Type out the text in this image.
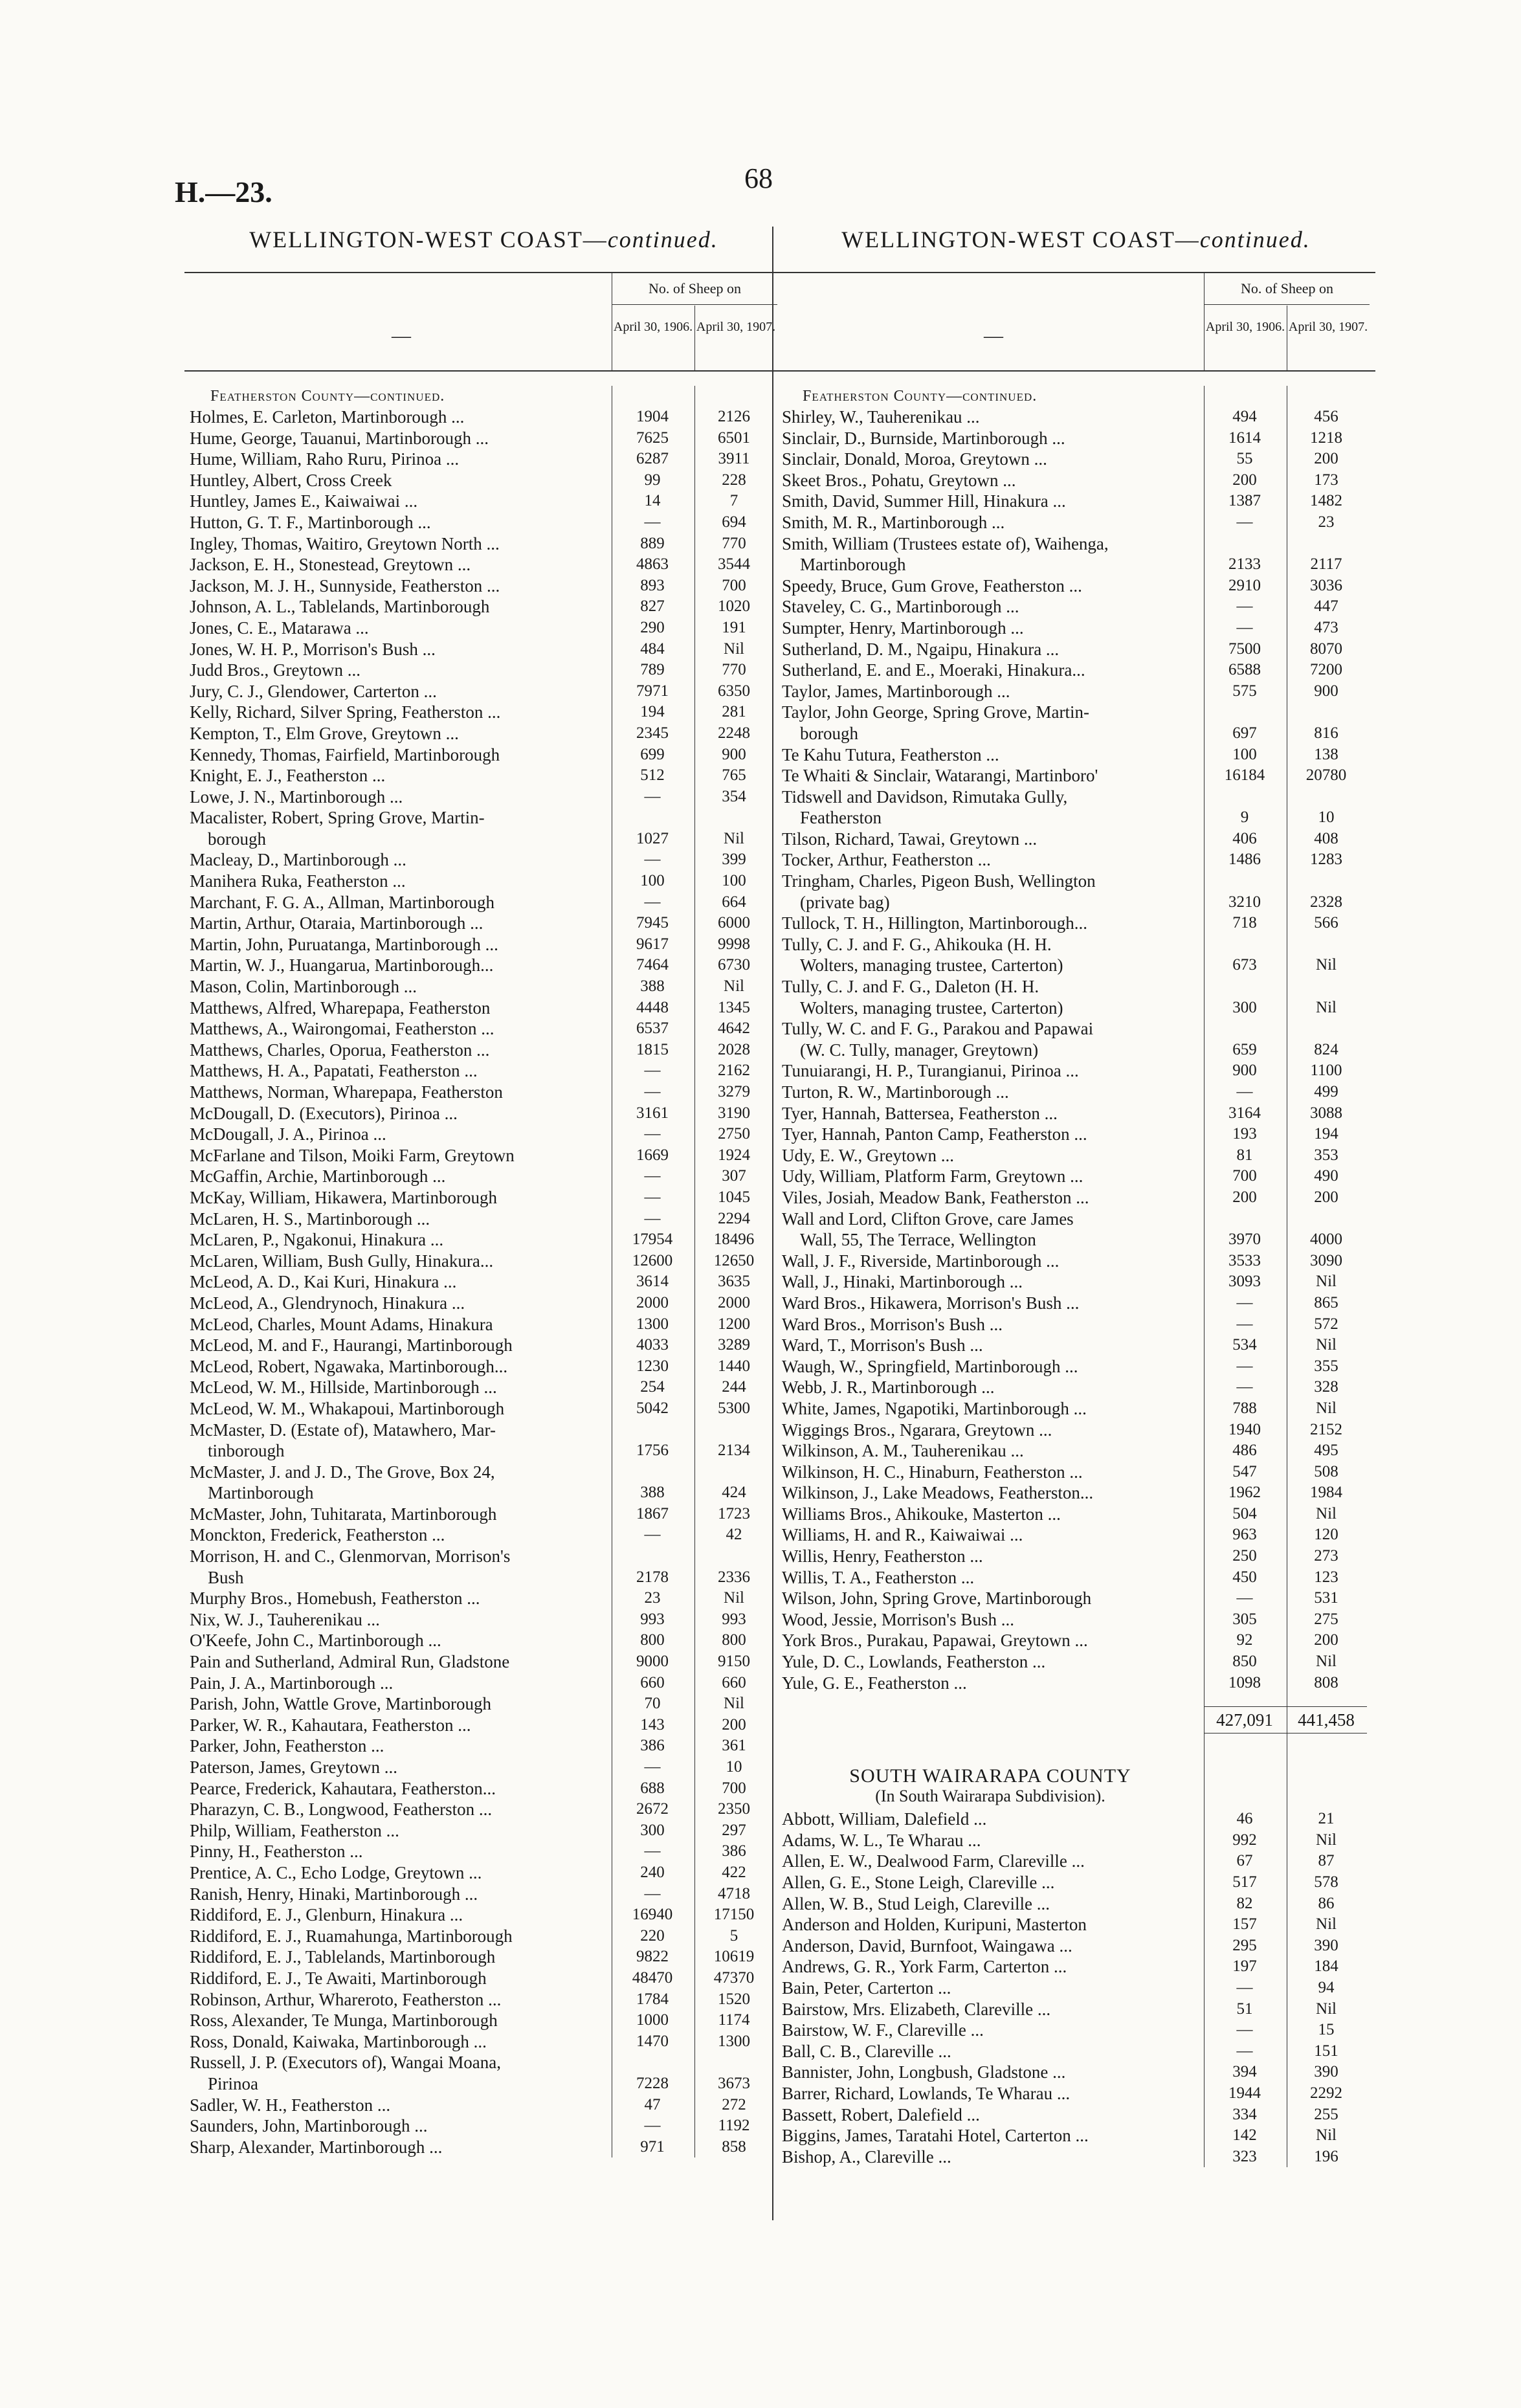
H.—23.	68
WELLINGTON-WEST COAST—continued.
—
No. of Sheep on
April 30, 1906. April 30, 1907.
Featherston County—continued.
Holmes, E. Carleton, Martinborough ...	1904	2126
Hume, George, Tauanui, Martinborough ...	7625	6501
Hume, William, Raho Ruru, Pirinoa ...	6287	3911
Huntley, Albert, Cross Creek	99	228
Huntley, James E., Kaiwaiwai ...	14	7
Hutton, G. T. F., Martinborough ...	—	694
Ingley, Thomas, Waitiro, Greytown North ...	889	770
Jackson, E. H., Stonestead, Greytown ...	4863	3544
Jackson, M. J. H., Sunnyside, Featherston ...	893	700
Johnson, A. L., Tablelands, Martinborough	827	1020
Jones, C. E., Matarawa ...	290	191
Jones, W. H. P., Morrison's Bush ...	484	Nil
Judd Bros., Greytown ...	789	770
Jury, C. J., Glendower, Carterton ...	7971	6350
Kelly, Richard, Silver Spring, Featherston ...	194	281
Kempton, T., Elm Grove, Greytown ...	2345	2248
Kennedy, Thomas, Fairfield, Martinborough	699	900
Knight, E. J., Featherston ...	512	765
Lowe, J. N., Martinborough ...	—	354
Macalister, Robert, Spring Grove, Martin-
borough	1027	Nil
Macleay, D., Martinborough ...	—	399
Manihera Ruka, Featherston ...	100	100
Marchant, F. G. A., Allman, Martinborough	—	664
Martin, Arthur, Otaraia, Martinborough ...	7945	6000
Martin, John, Puruatanga, Martinborough ...	9617	9998
Martin, W. J., Huangarua, Martinborough...	7464	6730
Mason, Colin, Martinborough ...	388	Nil
Matthews, Alfred, Wharepapa, Featherston	4448	1345
Matthews, A., Wairongomai, Featherston ...	6537	4642
Matthews, Charles, Oporua, Featherston ...	1815	2028
Matthews, H. A., Papatati, Featherston ...	—	2162
Matthews, Norman, Wharepapa, Featherston	—	3279
McDougall, D. (Executors), Pirinoa ...	3161	3190
McDougall, J. A., Pirinoa ...	—	2750
McFarlane and Tilson, Moiki Farm, Greytown	1669	1924
McGaffin, Archie, Martinborough ...	—	307
McKay, William, Hikawera, Martinborough	—	1045
McLaren, H. S., Martinborough ...	—	2294
McLaren, P., Ngakonui, Hinakura ...	17954	18496
McLaren, William, Bush Gully, Hinakura...	12600	12650
McLeod, A. D., Kai Kuri, Hinakura ...	3614	3635
McLeod, A., Glendrynoch, Hinakura ...	2000	2000
McLeod, Charles, Mount Adams, Hinakura	1300	1200
McLeod, M. and F., Haurangi, Martinborough	4033	3289
McLeod, Robert, Ngawaka, Martinborough...	1230	1440
McLeod, W. M., Hillside, Martinborough ...	254	244
McLeod, W. M., Whakapoui, Martinborough	5042	5300
McMaster, D. (Estate of), Matawhero, Mar-
tinborough	1756	2134
McMaster, J. and J. D., The Grove, Box 24,
Martinborough	388	424
McMaster, John, Tuhitarata, Martinborough	1867	1723
Monckton, Frederick, Featherston ...	—	42
Morrison, H. and C., Glenmorvan, Morrison's
Bush	2178	2336
Murphy Bros., Homebush, Featherston ...	23	Nil
Nix, W. J., Tauherenikau ...	993	993
O'Keefe, John C., Martinborough ...	800	800
Pain and Sutherland, Admiral Run, Gladstone	9000	9150
Pain, J. A., Martinborough ...	660	660
Parish, John, Wattle Grove, Martinborough	70	Nil
Parker, W. R., Kahautara, Featherston ...	143	200
Parker, John, Featherston ...	386	361
Paterson, James, Greytown ...	—	10
Pearce, Frederick, Kahautara, Featherston...	688	700
Pharazyn, C. B., Longwood, Featherston ...	2672	2350
Philp, William, Featherston ...	300	297
Pinny, H., Featherston ...	—	386
Prentice, A. C., Echo Lodge, Greytown ...	240	422
Ranish, Henry, Hinaki, Martinborough ...	—	4718
Riddiford, E. J., Glenburn, Hinakura ...	16940	17150
Riddiford, E. J., Ruamahunga, Martinborough	220	5
Riddiford, E. J., Tablelands, Martinborough	9822	10619
Riddiford, E. J., Te Awaiti, Martinborough	48470	47370
Robinson, Arthur, Whareroto, Featherston ...	1784	1520
Ross, Alexander, Te Munga, Martinborough	1000	1174
Ross, Donald, Kaiwaka, Martinborough ...	1470	1300
Russell, J. P. (Executors of), Wangai Moana,
Pirinoa	7228	3673
Sadler, W. H., Featherston ...	47	272
Saunders, John, Martinborough ...	—	1192
Sharp, Alexander, Martinborough ...	971	858
WELLINGTON-WEST COAST—continued.
—
No. of Sheep on
April 30, 1906. April 30, 1907.
Featherston County—continued.
Shirley, W., Tauherenikau ...	494	456
Sinclair, D., Burnside, Martinborough ...	1614	1218
Sinclair, Donald, Moroa, Greytown ...	55	200
Skeet Bros., Pohatu, Greytown ...	200	173
Smith, David, Summer Hill, Hinakura ...	1387	1482
Smith, M. R., Martinborough ...	—	23
Smith, William (Trustees estate of), Waihenga,
Martinborough	2133	2117
Speedy, Bruce, Gum Grove, Featherston ...	2910	3036
Staveley, C. G., Martinborough ...	—	447
Sumpter, Henry, Martinborough ...	—	473
Sutherland, D. M., Ngaipu, Hinakura ...	7500	8070
Sutherland, E. and E., Moeraki, Hinakura...	6588	7200
Taylor, James, Martinborough ...	575	900
Taylor, John George, Spring Grove, Martin-
borough	697	816
Te Kahu Tutura, Featherston ...	100	138
Te Whaiti & Sinclair, Watarangi, Martinboro'	16184	20780
Tidswell and Davidson, Rimutaka Gully,
Featherston	9	10
Tilson, Richard, Tawai, Greytown ...	406	408
Tocker, Arthur, Featherston ...	1486	1283
Tringham, Charles, Pigeon Bush, Wellington
(private bag)	3210	2328
Tullock, T. H., Hillington, Martinborough...	718	566
Tully, C. J. and F. G., Ahikouka (H. H.
Wolters, managing trustee, Carterton)	673	Nil
Tully, C. J. and F. G., Daleton (H. H.
Wolters, managing trustee, Carterton)	300	Nil
Tully, W. C. and F. G., Parakou and Papawai
(W. C. Tully, manager, Greytown)	659	824
Tunuiarangi, H. P., Turangianui, Pirinoa ...	900	1100
Turton, R. W., Martinborough ...	—	499
Tyer, Hannah, Battersea, Featherston ...	3164	3088
Tyer, Hannah, Panton Camp, Featherston ...	193	194
Udy, E. W., Greytown ...	81	353
Udy, William, Platform Farm, Greytown ...	700	490
Viles, Josiah, Meadow Bank, Featherston ...	200	200
Wall and Lord, Clifton Grove, care James
Wall, 55, The Terrace, Wellington	3970	4000
Wall, J. F., Riverside, Martinborough ...	3533	3090
Wall, J., Hinaki, Martinborough ...	3093	Nil
Ward Bros., Hikawera, Morrison's Bush ...	—	865
Ward Bros., Morrison's Bush ...	—	572
Ward, T., Morrison's Bush ...	534	Nil
Waugh, W., Springfield, Martinborough ...	—	355
Webb, J. R., Martinborough ...	—	328
White, James, Ngapotiki, Martinborough ...	788	Nil
Wiggings Bros., Ngarara, Greytown ...	1940	2152
Wilkinson, A. M., Tauherenikau ...	486	495
Wilkinson, H. C., Hinaburn, Featherston ...	547	508
Wilkinson, J., Lake Meadows, Featherston...	1962	1984
Williams Bros., Ahikouke, Masterton ...	504	Nil
Williams, H. and R., Kaiwaiwai ...	963	120
Willis, Henry, Featherston ...	250	273
Willis, T. A., Featherston ...	450	123
Wilson, John, Spring Grove, Martinborough	—	531
Wood, Jessie, Morrison's Bush ...	305	275
York Bros., Purakau, Papawai, Greytown ...	92	200
Yule, D. C., Lowlands, Featherston ...	850	Nil
Yule, G. E., Featherston ...	1098	808
427,091	441,458
SOUTH WAIRARAPA COUNTY
(In South Wairarapa Subdivision).
Abbott, William, Dalefield ...	46	21
Adams, W. L., Te Wharau ...	992	Nil
Allen, E. W., Dealwood Farm, Clareville ...	67	87
Allen, G. E., Stone Leigh, Clareville ...	517	578
Allen, W. B., Stud Leigh, Clareville ...	82	86
Anderson and Holden, Kuripuni, Masterton	157	Nil
Anderson, David, Burnfoot, Waingawa ...	295	390
Andrews, G. R., York Farm, Carterton ...	197	184
Bain, Peter, Carterton ...	—	94
Bairstow, Mrs. Elizabeth, Clareville ...	51	Nil
Bairstow, W. F., Clareville ...	—	15
Ball, C. B., Clareville ...	—	151
Bannister, John, Longbush, Gladstone ...	394	390
Barrer, Richard, Lowlands, Te Wharau ...	1944	2292
Bassett, Robert, Dalefield ...	334	255
Biggins, James, Taratahi Hotel, Carterton ...	142	Nil
Bishop, A., Clareville ...	323	196
